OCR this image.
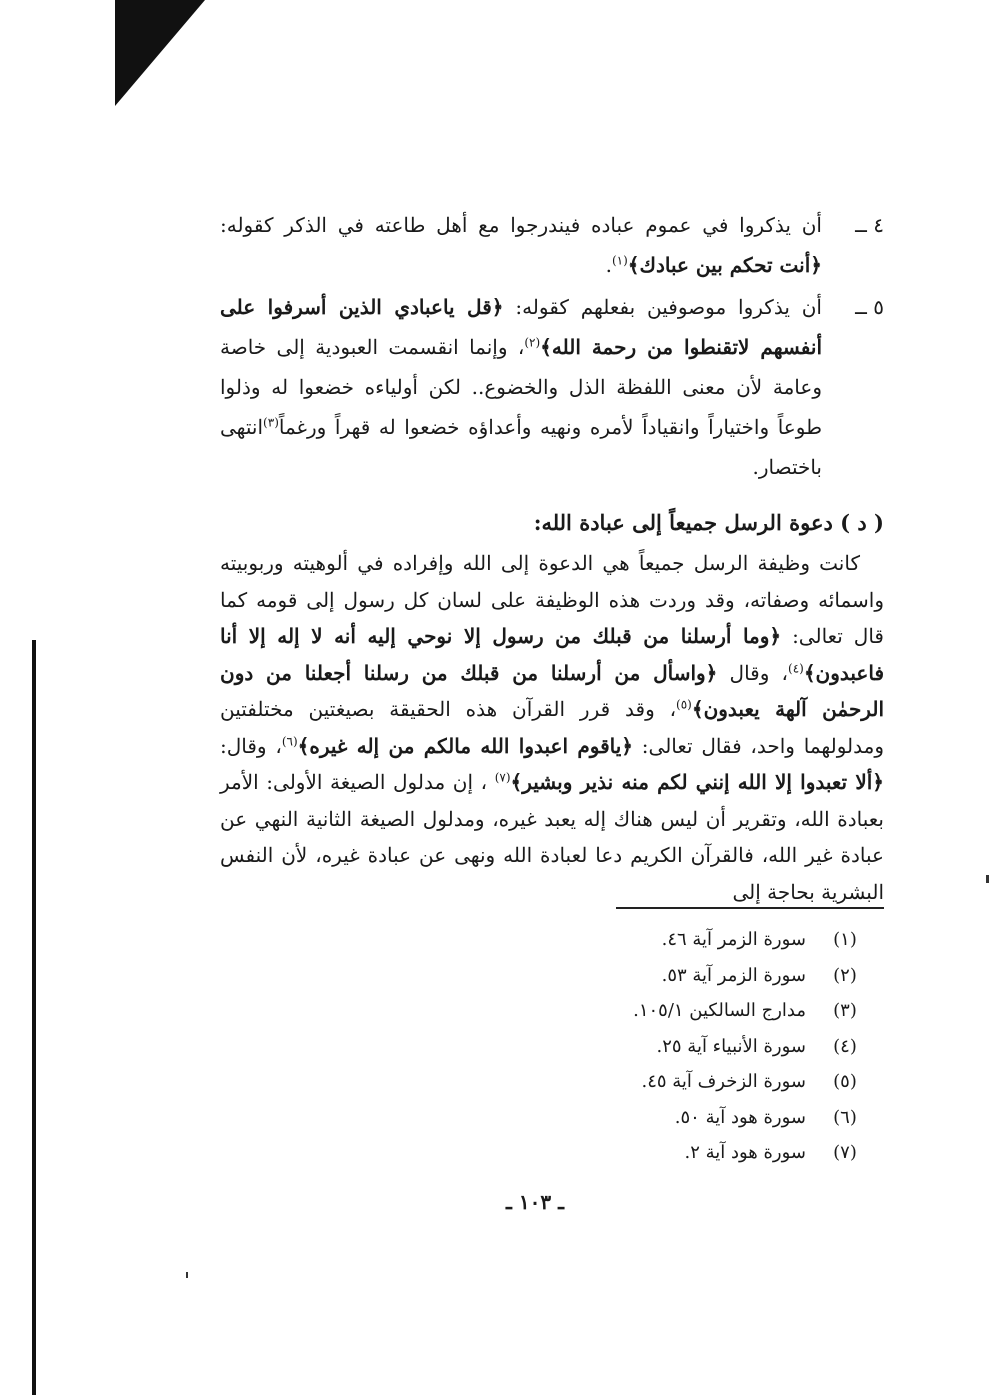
٤ ــ
أن يذكروا في عموم عباده فيندرجوا مع أهل طاعته في الذكر كقوله: ﴿أنت تحكم بين عبادك﴾$^{(١)}$.
٥ ــ
أن يذكروا موصوفين بفعلهم كقوله: ﴿قل ياعبادي الذين أسرفوا على أنفسهم لاتقنطوا من رحمة الله﴾$^{(٢)}$، وإنما انقسمت العبودية إلى خاصة وعامة لأن معنى اللفظة الذل والخضوع.. لكن أولياءه خضعوا له وذلوا طوعاً واختياراً وانقياداً لأمره ونهيه وأعداؤه خضعوا له قهراً ورغماً$^{(٣)}$انتهى باختصار.
( د ) دعوة الرسل جميعاً إلى عبادة الله:
كانت وظيفة الرسل جميعاً هي الدعوة إلى الله وإفراده في ألوهيته وربوبيته واسمائه وصفاته، وقد وردت هذه الوظيفة على لسان كل رسول إلى قومه كما قال تعالى: ﴿وما أرسلنا من قبلك من رسول إلا نوحي إليه أنه لا إله إلا أنا فاعبدون﴾$^{(٤)}$، وقال ﴿واسأل من أرسلنا من قبلك من رسلنا أجعلنا من دون الرحمٰن آلهة يعبدون﴾$^{(٥)}$، وقد قرر القرآن هذه الحقيقة بصيغتين مختلفتين ومدلولهما واحد، فقال تعالى: ﴿ياقوم اعبدوا الله مالكم من إله غيره﴾$^{(٦)}$، وقال: ﴿ألا تعبدوا إلا الله إنني لكم منه نذير وبشير﴾$^{(٧)}$ ، إن مدلول الصيغة الأولى: الأمر بعبادة الله، وتقرير أن ليس هناك إله يعبد غيره، ومدلول الصيغة الثانية النهي عن عبادة غير الله، فالقرآن الكريم دعا لعبادة الله ونهى عن عبادة غيره، لأن النفس البشرية بحاجة إلى
(١)
سورة الزمر آية ٤٦.
(٢)
سورة الزمر آية ٥٣.
(٣)
مدارج السالكين ١٠٥/١.
(٤)
سورة الأنبياء آية ٢٥.
(٥)
سورة الزخرف آية ٤٥.
(٦)
سورة هود آية ٥٠.
(٧)
سورة هود آية ٢.
ـ ١٠٣ ـ
